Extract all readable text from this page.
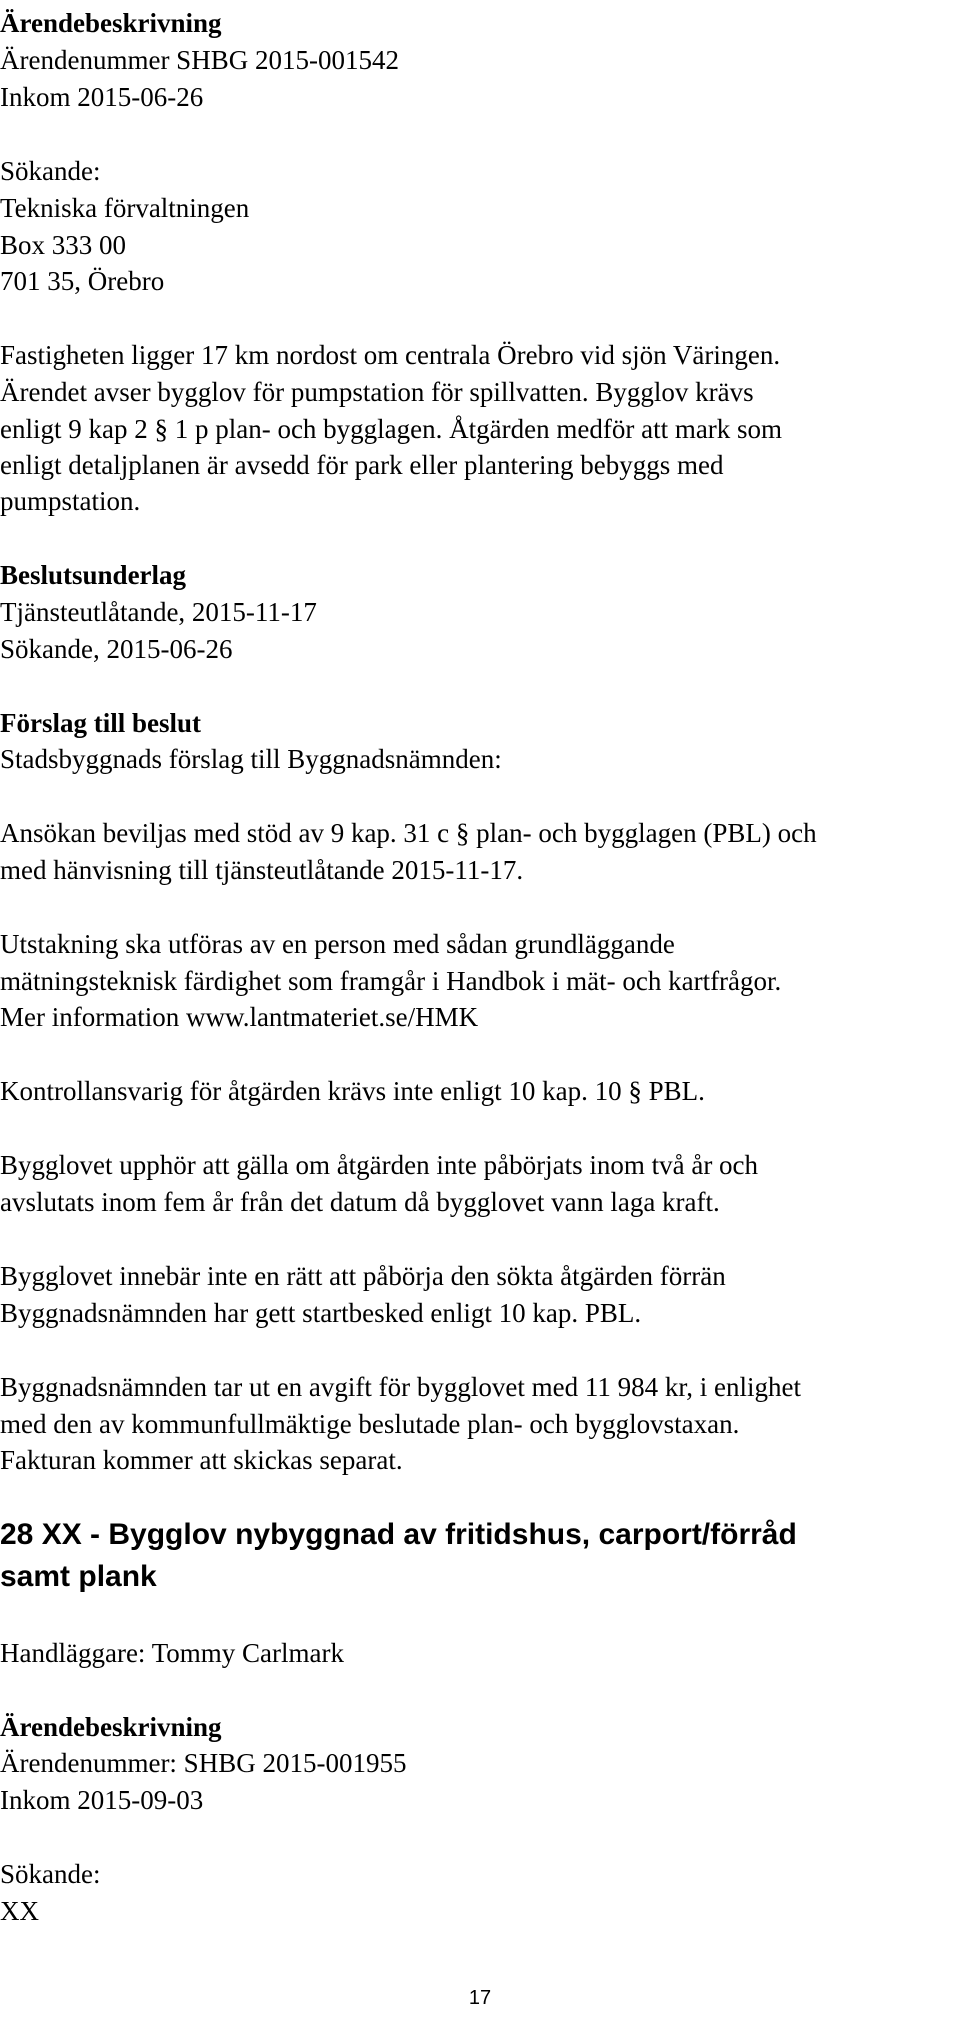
Ärendebeskrivning
Ärendenummer SHBG 2015-001542
Inkom 2015-06-26
Sökande:
Tekniska förvaltningen
Box 333 00
701 35, Örebro
Fastigheten ligger 17 km nordost om centrala Örebro vid sjön Väringen.
Ärendet avser bygglov för pumpstation för spillvatten. Bygglov krävs
enligt 9 kap 2 § 1 p plan- och bygglagen. Åtgärden medför att mark som
enligt detaljplanen är avsedd för park eller plantering bebyggs med
pumpstation.
Beslutsunderlag
Tjänsteutlåtande, 2015-11-17
Sökande, 2015-06-26
Förslag till beslut
Stadsbyggnads förslag till Byggnadsnämnden:
Ansökan beviljas med stöd av 9 kap. 31 c § plan- och bygglagen (PBL) och
med hänvisning till tjänsteutlåtande 2015-11-17.
Utstakning ska utföras av en person med sådan grundläggande
mätningsteknisk färdighet som framgår i Handbok i mät- och kartfrågor.
Mer information www.lantmateriet.se/HMK
Kontrollansvarig för åtgärden krävs inte enligt 10 kap. 10 § PBL.
Bygglovet upphör att gälla om åtgärden inte påbörjats inom två år och
avslutats inom fem år från det datum då bygglovet vann laga kraft.
Bygglovet innebär inte en rätt att påbörja den sökta åtgärden förrän
Byggnadsnämnden har gett startbesked enligt 10 kap. PBL.
Byggnadsnämnden tar ut en avgift för bygglovet med 11 984 kr, i enlighet
med den av kommunfullmäktige beslutade plan- och bygglovstaxan.
Fakturan kommer att skickas separat.
28 XX - Bygglov nybyggnad av fritidshus, carport/förråd
samt plank
Handläggare: Tommy Carlmark
Ärendebeskrivning
Ärendenummer: SHBG 2015-001955
Inkom 2015-09-03
Sökande:
XX
17
